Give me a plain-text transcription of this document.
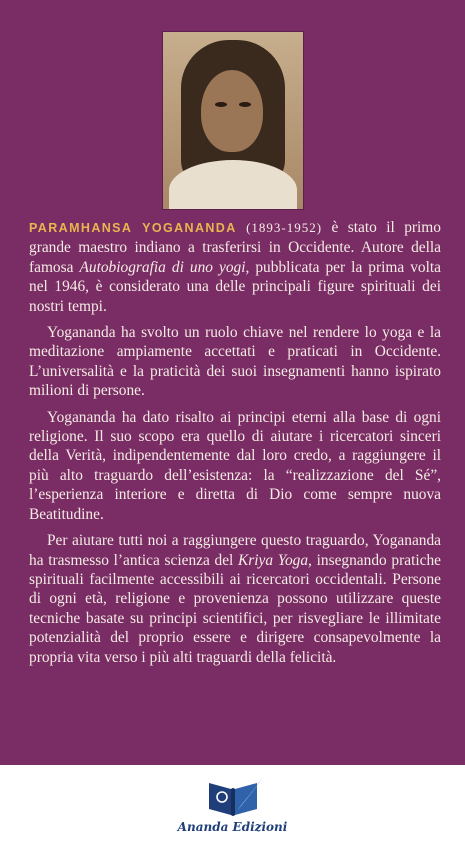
PARAMHANSA YOGANANDA (1893-1952) è stato il primo grande maestro indiano a trasferirsi in Occidente. Autore della famosa Autobiografia di uno yogi, pubblicata per la prima volta nel 1946, è considerato una delle principali figure spirituali dei nostri tempi.

Yogananda ha svolto un ruolo chiave nel rendere lo yoga e la meditazione ampiamente accettati e praticati in Occidente. L’universalità e la praticità dei suoi insegnamenti hanno ispirato milioni di persone.

Yogananda ha dato risalto ai principi eterni alla base di ogni religione. Il suo scopo era quello di aiutare i ricercatori sinceri della Verità, indipendentemente dal loro credo, a raggiungere il più alto traguardo dell’esistenza: la “realizzazione del Sé”, l’esperienza interiore e diretta di Dio come sempre nuova Beatitudine.

Per aiutare tutti noi a raggiungere questo traguardo, Yogananda ha trasmesso l’antica scienza del Kriya Yoga, insegnando pratiche spirituali facilmente accessibili ai ricercatori occidentali. Persone di ogni età, religione e provenienza possono utilizzare queste tecniche basate su principi scientifici, per risvegliare le illimitate potenzialità del proprio essere e dirigere consapevolmente la propria vita verso i più alti traguardi della felicità.

Ananda Edizioni
